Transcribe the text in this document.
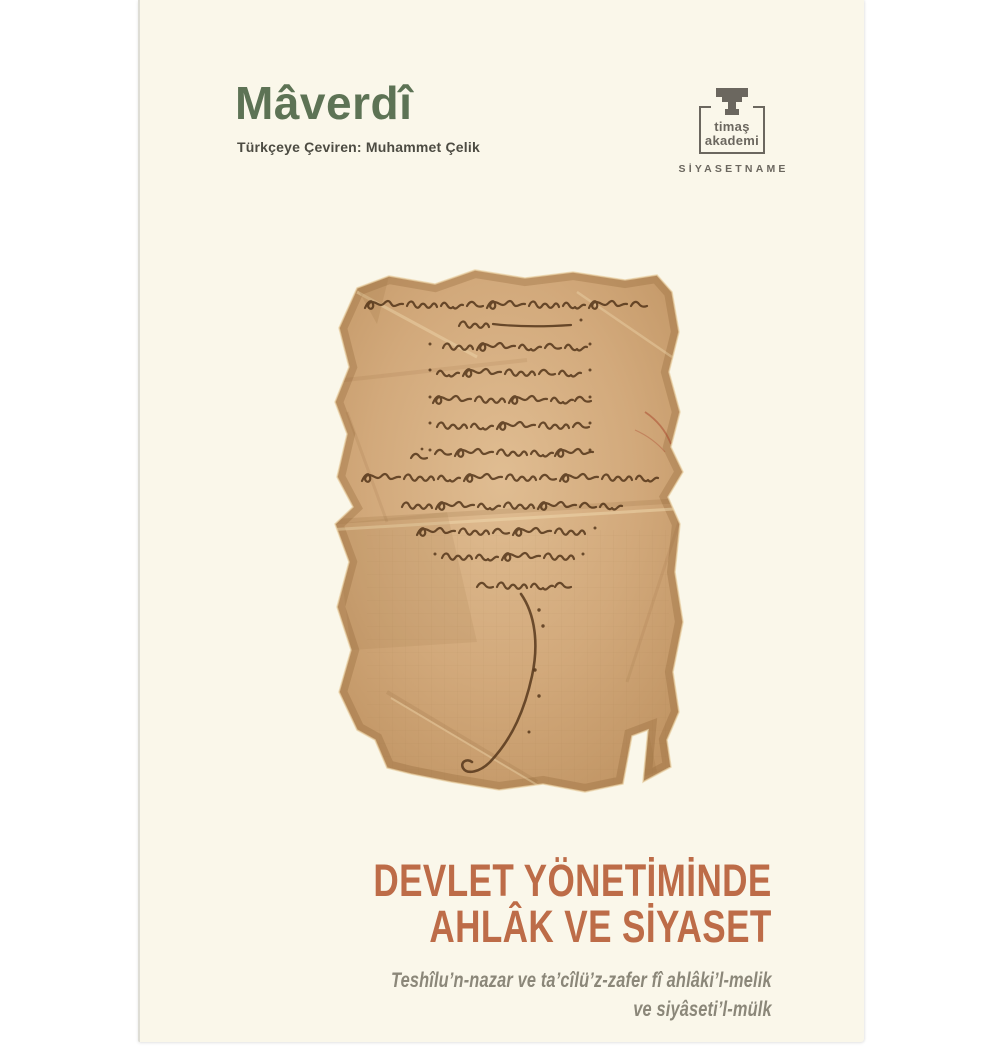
Mâverdî
Türkçeye Çeviren: Muhammet Çelik
timaş
akademi
SİYASETNAME
DEVLET YÖNETİMİNDE
AHLÂK VE SİYASET

Teshîlu’n-nazar ve ta’cîlü’z-zafer fî ahlâki’l-melik
ve siyâseti’l-mülk
